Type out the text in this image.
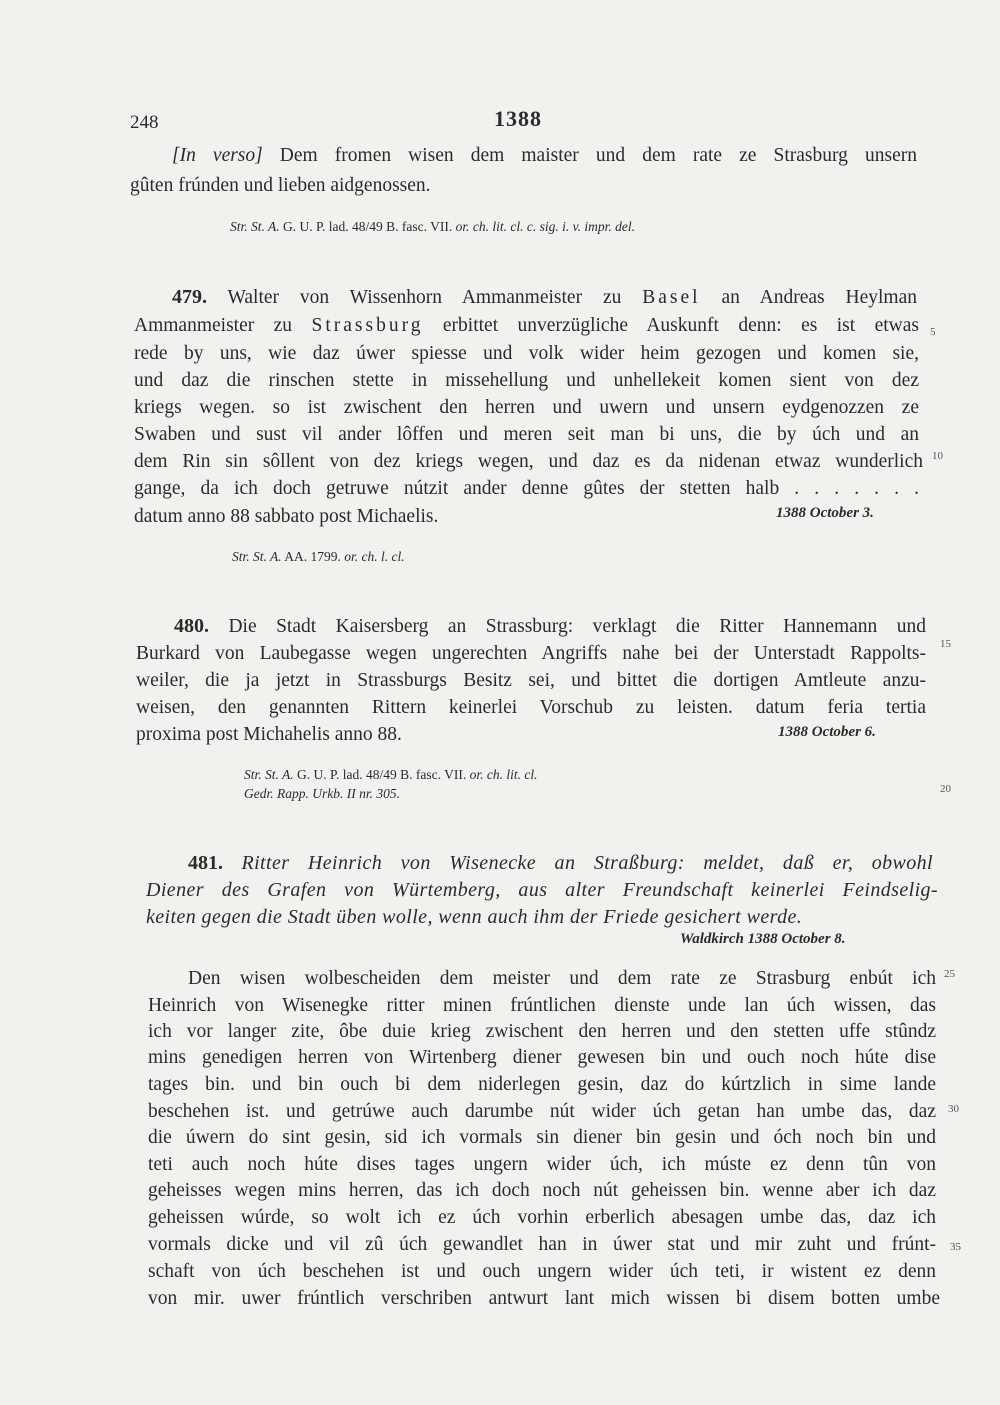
248	1388
[In verso] Dem fromen wisen dem maister und dem rate ze Strasburg unsern
gûten frúnden und lieben aidgenossen.
Str. St. A. G. U. P. lad. 48/49 B. fasc. VII. or. ch. lit. cl. c. sig. i. v. impr. del.
479. Walter von Wissenhorn Ammanmeister zu Basel an Andreas Heylman
Ammanmeister zu Strassburg erbittet unverzügliche Auskunft denn: es ist etwas
rede by uns, wie daz úwer spiesse und volk wider heim gezogen und komen sie,
und daz die rinschen stette in missehellung und unhellekeit komen sient von dez
kriegs wegen. so ist zwischent den herren und uwern und unsern eydgenozzen ze
Swaben und sust vil ander lôffen und meren seit man bi uns, die by úch und an
dem Rin sin sôllent von dez kriegs wegen, und daz es da nidenan etwaz wunderlich
gange, da ich doch getruwe nútzit ander denne gûtes der stetten halb . . . . . . .
datum anno 88 sabbato post Michaelis.	1388 October 3.
Str. St. A. AA. 1799. or. ch. l. cl.
480. Die Stadt Kaisersberg an Strassburg: verklagt die Ritter Hannemann und
Burkard von Laubegasse wegen ungerechten Angriffs nahe bei der Unterstadt Rappolts-
weiler, die ja jetzt in Strassburgs Besitz sei, und bittet die dortigen Amtleute anzu-
weisen, den genannten Rittern keinerlei Vorschub zu leisten. datum feria tertia
proxima post Michahelis anno 88.	1388 October 6.
Str. St. A. G. U. P. lad. 48/49 B. fasc. VII. or. ch. lit. cl.
Gedr. Rapp. Urkb. II nr. 305.
481. Ritter Heinrich von Wisenecke an Straßburg: meldet, daß er, obwohl
Diener des Grafen von Würtemberg, aus alter Freundschaft keinerlei Feindselig-
keiten gegen die Stadt üben wolle, wenn auch ihm der Friede gesichert werde.
Waldkirch 1388 October 8.
Den wisen wolbescheiden dem meister und dem rate ze Strasburg enbút ich
Heinrich von Wisenegke ritter minen frúntlichen dienste unde lan úch wissen, das
ich vor langer zite, ôbe duie krieg zwischent den herren und den stetten uffe stûndz
mins genedigen herren von Wirtenberg diener gewesen bin und ouch noch húte dise
tages bin. und bin ouch bi dem niderlegen gesin, daz do kúrtzlich in sime lande
beschehen ist. und getrúwe auch darumbe nút wider úch getan han umbe das, daz
die úwern do sint gesin, sid ich vormals sin diener bin gesin und óch noch bin und
teti auch noch húte dises tages ungern wider úch, ich múste ez denn tûn von
geheisses wegen mins herren, das ich doch noch nút geheissen bin. wenne aber ich daz
geheissen wúrde, so wolt ich ez úch vorhin erberlich abesagen umbe das, daz ich
vormals dicke und vil zû úch gewandlet han in úwer stat und mir zuht und frúnt-
schaft von úch beschehen ist und ouch ungern wider úch teti, ir wistent ez denn
von mir. uwer frúntlich verschriben antwurt lant mich wissen bi disem botten umbe
5
10
15
20
25
30
35
